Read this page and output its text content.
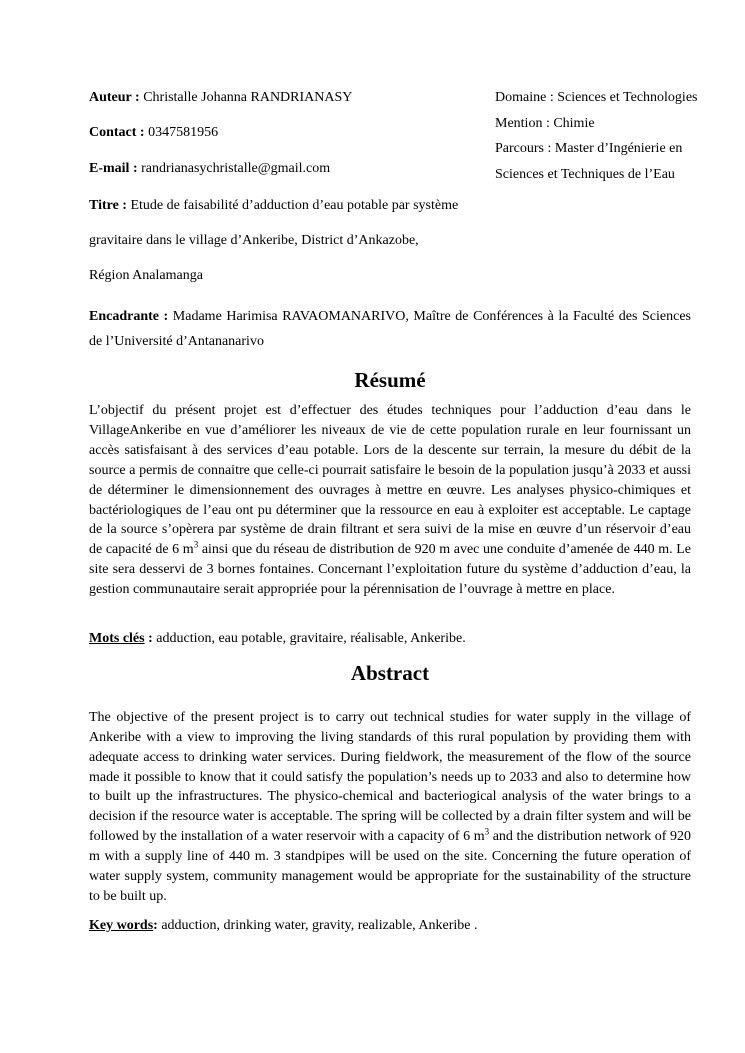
Auteur : Christalle Johanna RANDRIANASY
Contact : 0347581956
E-mail : randrianasychristalle@gmail.com
Domaine : Sciences et Technologies
Mention : Chimie
Parcours : Master d’Ingénierie en
Sciences et Techniques de l’Eau
Titre : Etude de faisabilité d’adduction d’eau potable par système
gravitaire dans le village d’Ankeribe, District d’Ankazobe,
Région Analamanga
Encadrante : Madame Harimisa RAVAOMANARIVO, Maître de Conférences à la Faculté des Sciences de l’Université d’Antananarivo
Résumé
L’objectif du présent projet est d’effectuer des études techniques pour l’adduction d’eau dans le VillageAnkeribe en vue d’améliorer les niveaux de vie de cette population rurale en leur fournissant un accès satisfaisant à des services d’eau potable. Lors de la descente sur terrain, la mesure du débit de la source a permis de connaitre que celle-ci pourrait satisfaire le besoin de la population jusqu’à 2033 et aussi de déterminer le dimensionnement des ouvrages à mettre en œuvre. Les analyses physico-chimiques et bactériologiques de l’eau ont pu déterminer que la ressource en eau à exploiter est acceptable. Le captage de la source s’opèrera par système de drain filtrant et sera suivi de la mise en œuvre d’un réservoir d’eau de capacité de 6 $m^3$ ainsi que du réseau de distribution de 920 m avec une conduite d’amenée de 440 m. Le site sera desservi de 3 bornes fontaines. Concernant l’exploitation future du système d’adduction d’eau, la gestion communautaire serait appropriée pour la pérennisation de l’ouvrage à mettre en place.
Mots clés : adduction, eau potable, gravitaire, réalisable, Ankeribe.
Abstract
The objective of the present project is to carry out technical studies for water supply in the village of Ankeribe with a view to improving the living standards of this rural population by providing them with adequate access to drinking water services. During fieldwork, the measurement of the flow of the source made it possible to know that it could satisfy the population’s needs up to 2033 and also to determine how to built up the infrastructures. The physico-chemical and bacteriogical analysis of the water brings to a decision if the resource water is acceptable. The spring will be collected by a drain filter system and will be followed by the installation of a water reservoir with a capacity of 6 $m^3$ and the distribution network of 920 m with a supply line of 440 m. 3 standpipes will be used on the site. Concerning the future operation of water supply system, community management would be appropriate for the sustainability of the structure to be built up.
Key words: adduction, drinking water, gravity, realizable, Ankeribe .
